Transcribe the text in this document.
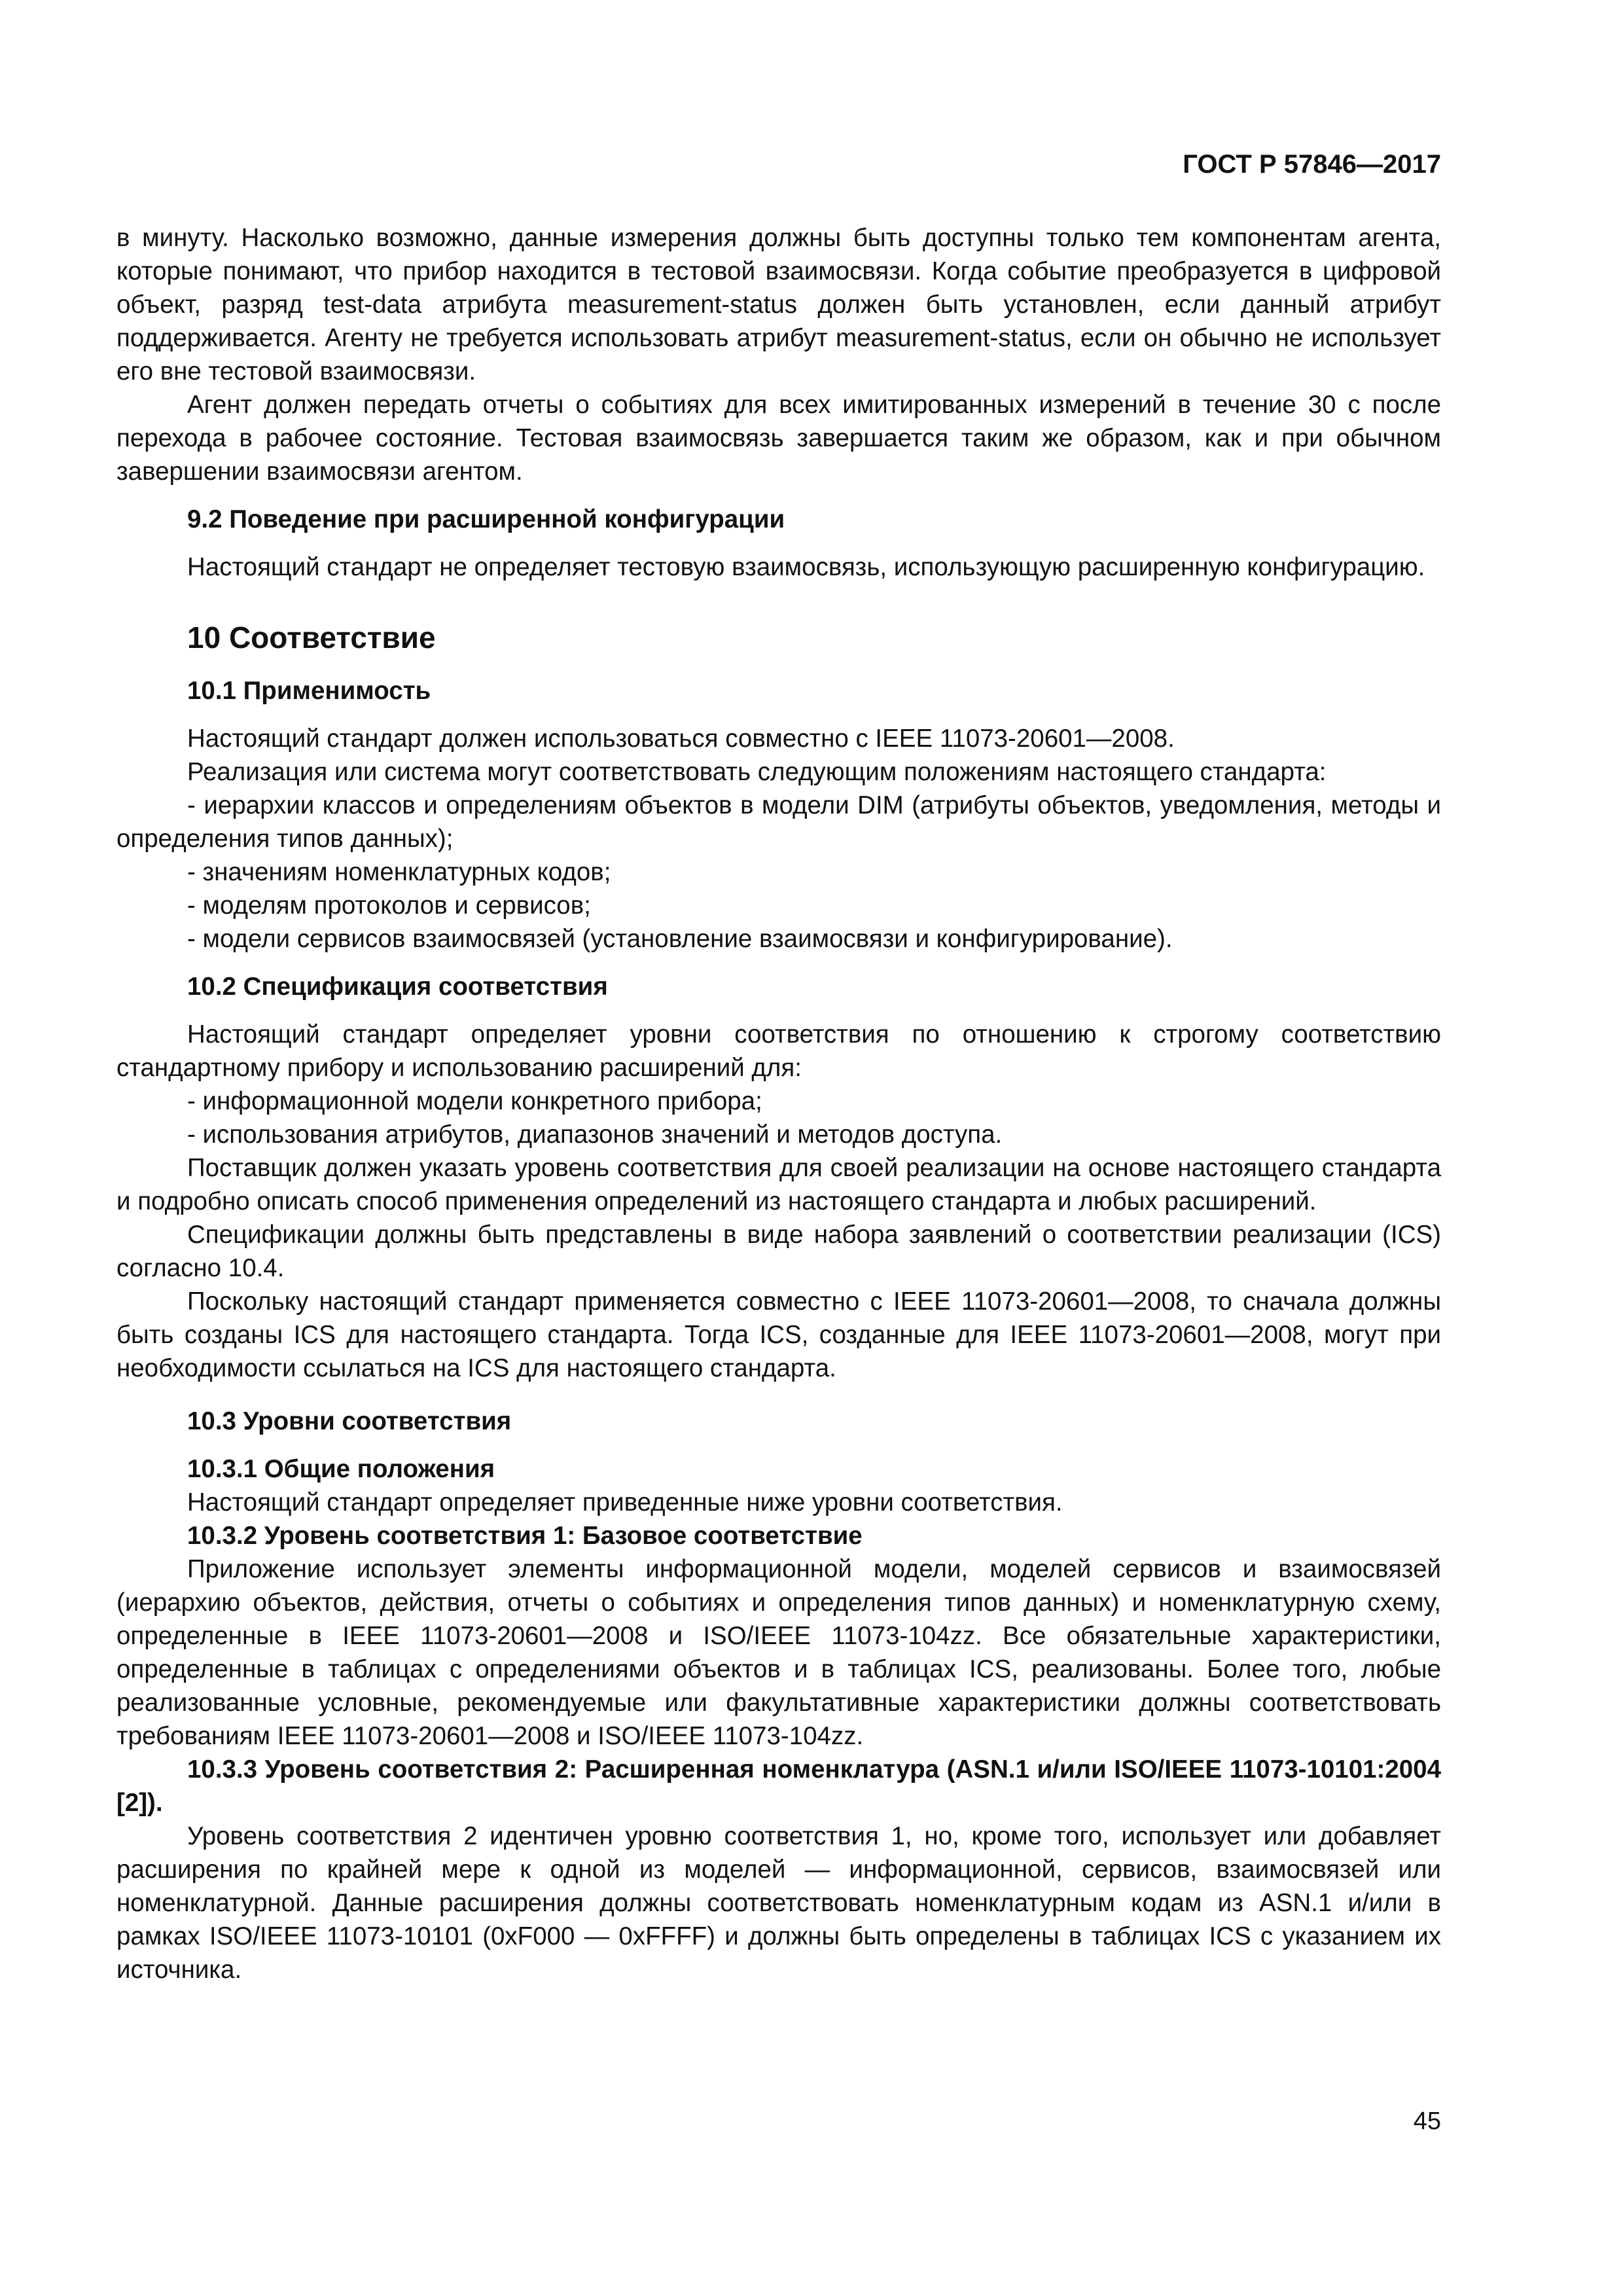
ГОСТ Р 57846—2017

в минуту. Насколько возможно, данные измерения должны быть доступны только тем компонентам агента, которые понимают, что прибор находится в тестовой взаимосвязи. Когда событие преобразуется в цифровой объект, разряд test-data атрибута measurement-status должен быть установлен, если данный атрибут поддерживается. Агенту не требуется использовать атрибут measurement-status, если он обычно не использует его вне тестовой взаимосвязи.

Агент должен передать отчеты о событиях для всех имитированных измерений в течение 30 с после перехода в рабочее состояние. Тестовая взаимосвязь завершается таким же образом, как и при обычном завершении взаимосвязи агентом.

9.2 Поведение при расширенной конфигурации

Настоящий стандарт не определяет тестовую взаимосвязь, использующую расширенную конфигурацию.

10 Соответствие
10.1 Применимость

Настоящий стандарт должен использоваться совместно с IEEE 11073-20601—2008.

Реализация или система могут соответствовать следующим положениям настоящего стандарта:

- иерархии классов и определениям объектов в модели DIM (атрибуты объектов, уведомления, методы и определения типов данных);

- значениям номенклатурных кодов;

- моделям протоколов и сервисов;

- модели сервисов взаимосвязей (установление взаимосвязи и конфигурирование).

10.2 Спецификация соответствия

Настоящий стандарт определяет уровни соответствия по отношению к строгому соответствию стандартному прибору и использованию расширений для:

- информационной модели конкретного прибора;

- использования атрибутов, диапазонов значений и методов доступа.

Поставщик должен указать уровень соответствия для своей реализации на основе настоящего стандарта и подробно описать способ применения определений из настоящего стандарта и любых расширений.

Спецификации должны быть представлены в виде набора заявлений о соответствии реализации (ICS) согласно 10.4.

Поскольку настоящий стандарт применяется совместно с IEEE 11073-20601—2008, то сначала должны быть созданы ICS для настоящего стандарта. Тогда ICS, созданные для IEEE 11073-20601—2008, могут при необходимости ссылаться на ICS для настоящего стандарта.

10.3 Уровни соответствия

10.3.1 Общие положения

Настоящий стандарт определяет приведенные ниже уровни соответствия.

10.3.2 Уровень соответствия 1: Базовое соответствие

Приложение использует элементы информационной модели, моделей сервисов и взаимосвязей (иерархию объектов, действия, отчеты о событиях и определения типов данных) и номенклатурную схему, определенные в IEEE 11073-20601—2008 и ISO/IEEE 11073-104zz. Все обязательные характеристики, определенные в таблицах с определениями объектов и в таблицах ICS, реализованы. Более того, любые реализованные условные, рекомендуемые или факультативные характеристики должны соответствовать требованиям IEEE 11073-20601—2008 и ISO/IEEE 11073-104zz.

10.3.3 Уровень соответствия 2: Расширенная номенклатура (ASN.1 и/или ISO/IEEE 11073-10101:2004 [2]).

Уровень соответствия 2 идентичен уровню соответствия 1, но, кроме того, использует или добавляет расширения по крайней мере к одной из моделей — информационной, сервисов, взаимосвязей или номенклатурной. Данные расширения должны соответствовать номенклатурным кодам из ASN.1 и/или в рамках ISO/IEEE 11073-10101 (0xF000 — 0xFFFF) и должны быть определены в таблицах ICS с указанием их источника.

45
